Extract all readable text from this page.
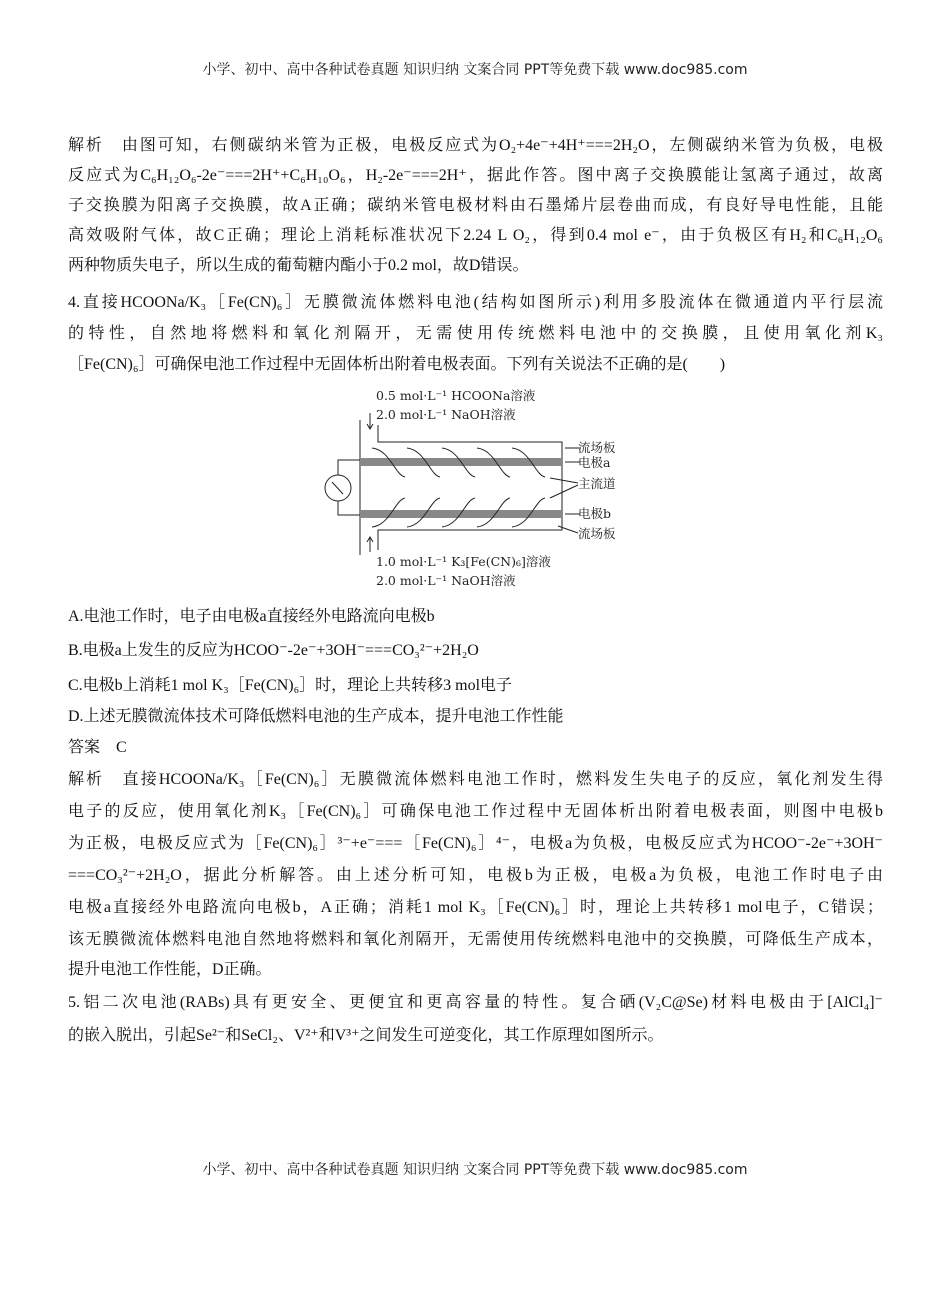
小学、初中、高中各种试卷真题 知识归纳 文案合同 PPT等免费下载 www.doc985.com
解析　由图可知，右侧碳纳米管为正极，电极反应式为O₂+4e⁻+4H⁺===2H₂O，左侧碳纳米管为负极，电极
反应式为C₆H₁₂O₆-2e⁻===2H⁺+C₆H₁₀O₆，H₂-2e⁻===2H⁺，据此作答。图中离子交换膜能让氢离子通过，故离
子交换膜为阳离子交换膜，故A正确；碳纳米管电极材料由石墨烯片层卷曲而成，有良好导电性能，且能
高效吸附气体，故C正确；理论上消耗标准状况下2.24 L O₂，得到0.4 mol e⁻，由于负极区有H₂和C₆H₁₂O₆
两种物质失电子，所以生成的葡萄糖内酯小于0.2 mol，故D错误。
4.直接HCOONa/K₃［Fe(CN)₆］无膜微流体燃料电池(结构如图所示)利用多股流体在微通道内平行层流
的特性，自然地将燃料和氧化剂隔开，无需使用传统燃料电池中的交换膜，且使用氧化剂K₃
［Fe(CN)₆］可确保电池工作过程中无固体析出附着电极表面。下列有关说法不正确的是(　　)
0.5 mol·L⁻¹ HCOONa溶液
2.0 mol·L⁻¹ NaOH溶液
1.0 mol·L⁻¹ K₃[Fe(CN)₆]溶液
2.0 mol·L⁻¹ NaOH溶液
流场板
电极a
主流道
电极b
流场板
A.电池工作时，电子由电极a直接经外电路流向电极b
B.电极a上发生的反应为HCOO⁻-2e⁻+3OH⁻===CO₃²⁻+2H₂O
C.电极b上消耗1 mol K₃［Fe(CN)₆］时，理论上共转移3 mol电子
D.上述无膜微流体技术可降低燃料电池的生产成本，提升电池工作性能
答案　C
解析　直接HCOONa/K₃［Fe(CN)₆］无膜微流体燃料电池工作时，燃料发生失电子的反应，氧化剂发生得
电子的反应，使用氧化剂K₃［Fe(CN)₆］可确保电池工作过程中无固体析出附着电极表面，则图中电极b
为正极，电极反应式为［Fe(CN)₆］³⁻+e⁻===［Fe(CN)₆］⁴⁻，电极a为负极，电极反应式为HCOO⁻-2e⁻+3OH⁻
===CO₃²⁻+2H₂O，据此分析解答。由上述分析可知，电极b为正极，电极a为负极，电池工作时电子由
电极a直接经外电路流向电极b，A正确；消耗1 mol K₃［Fe(CN)₆］时，理论上共转移1 mol电子，C错误；
该无膜微流体燃料电池自然地将燃料和氧化剂隔开，无需使用传统燃料电池中的交换膜，可降低生产成本，
提升电池工作性能，D正确。
5.铝二次电池(RABs)具有更安全、更便宜和更高容量的特性。复合硒(V₂C@Se)材料电极由于[AlCl₄]⁻
的嵌入脱出，引起Se²⁻和SeCl₂、V²⁺和V³⁺之间发生可逆变化，其工作原理如图所示。
小学、初中、高中各种试卷真题 知识归纳 文案合同 PPT等免费下载 www.doc985.com
